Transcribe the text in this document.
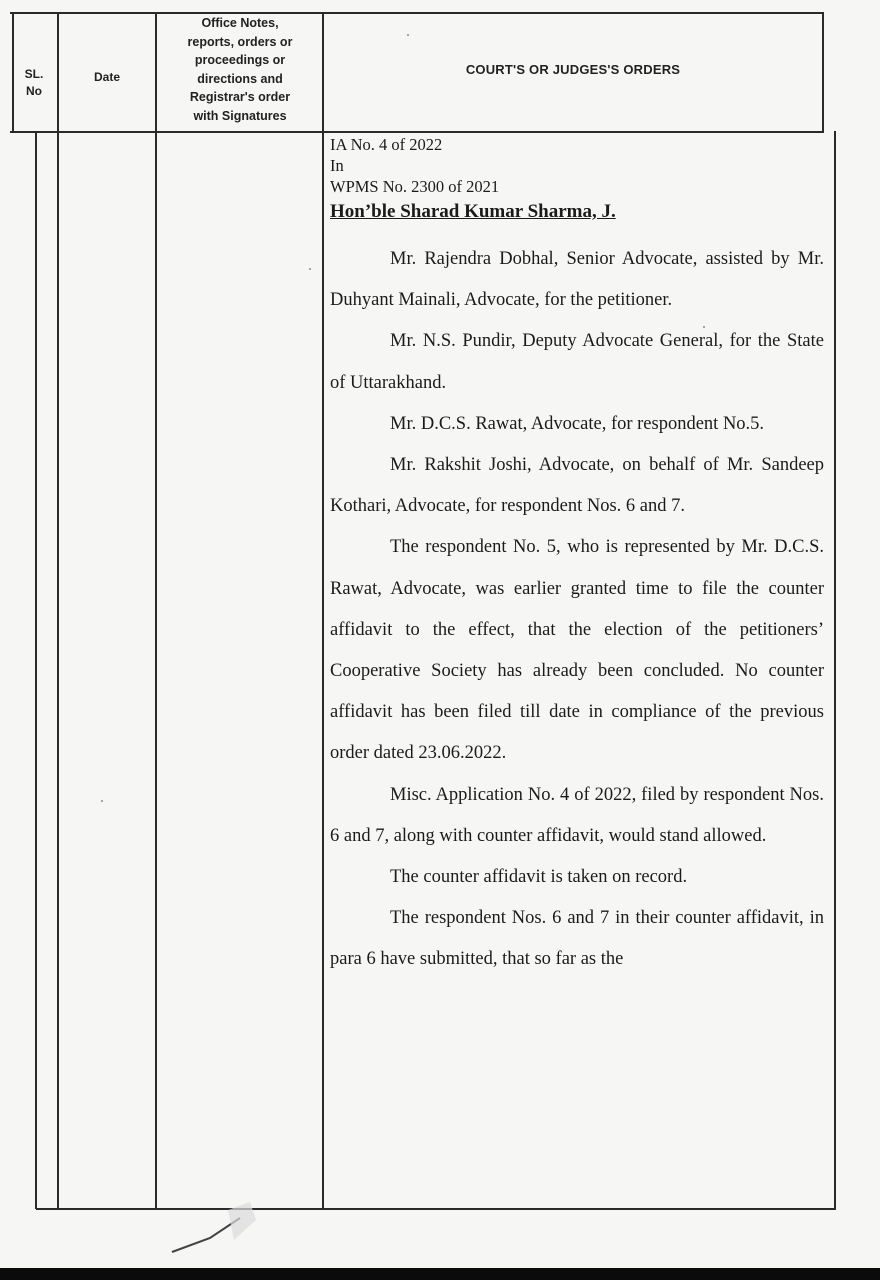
SL.
No
Date
Office Notes,
reports, orders or
proceedings or
directions and
Registrar's order
with Signatures
COURT'S OR JUDGES'S ORDERS
IA No. 4 of 2022
In
WPMS No. 2300 of 2021
Hon’ble Sharad Kumar Sharma, J.

Mr. Rajendra Dobhal, Senior Advocate, assisted by Mr. Duhyant Mainali, Advocate, for the petitioner.

Mr. N.S. Pundir, Deputy Advocate General, for the State of Uttarakhand.

Mr. D.C.S. Rawat, Advocate, for respondent No.5.

Mr. Rakshit Joshi, Advocate, on behalf of Mr. Sandeep Kothari, Advocate, for respondent Nos. 6 and 7.

The respondent No. 5, who is represented by Mr. D.C.S. Rawat, Advocate, was earlier granted time to file the counter affidavit to the effect, that the election of the petitioners’ Cooperative Society has already been concluded. No counter affidavit has been filed till date in compliance of the previous order dated 23.06.2022.

Misc. Application No. 4 of 2022, filed by respondent Nos. 6 and 7, along with counter affidavit, would stand allowed.

The counter affidavit is taken on record.

The respondent Nos. 6 and 7 in their counter affidavit, in para 6 have submitted, that so far as the
